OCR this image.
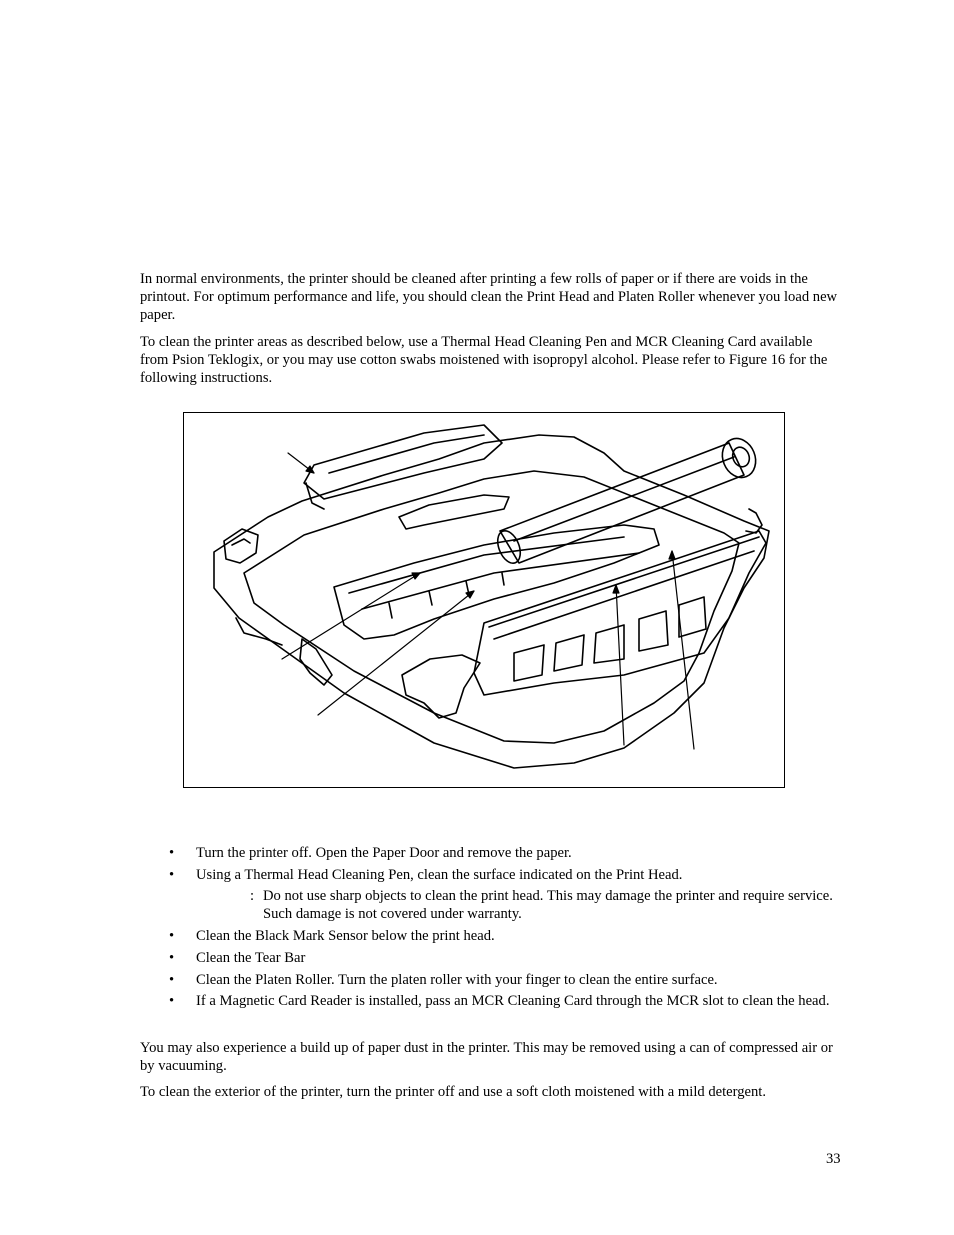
In normal environments, the printer should be cleaned after printing a few rolls of paper or if there are voids in the printout. For optimum performance and life, you should clean the Print Head and Platen Roller whenever you load new paper.

To clean the printer areas as described below, use a Thermal Head Cleaning Pen and MCR Cleaning Card available from Psion Teklogix, or you may use cotton swabs moistened with isopropyl alcohol. Please refer to Figure 16 for the following instructions.

• Turn the printer off. Open the Paper Door and remove the paper.
• Using a Thermal Head Cleaning Pen, clean the surface indicated on the Print Head.
: Do not use sharp objects to clean the print head. This may damage the printer and require service. Such damage is not covered under warranty.
• Clean the Black Mark Sensor below the print head.
• Clean the Tear Bar
• Clean the Platen Roller. Turn the platen roller with your finger to clean the entire surface.
• If a Magnetic Card Reader is installed, pass an MCR Cleaning Card through the MCR slot to clean the head.

You may also experience a build up of paper dust in the printer. This may be removed using a can of compressed air or by vacuuming.

To clean the exterior of the printer, turn the printer off and use a soft cloth moistened with a mild detergent.

33
